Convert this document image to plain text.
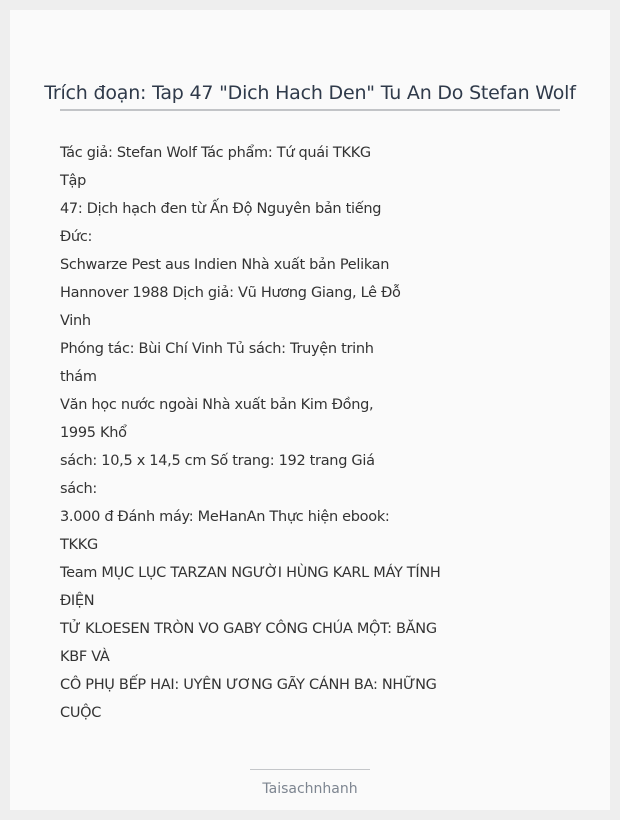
Trích đoạn: Tap 47 "Dich Hach Den" Tu An Do Stefan Wolf
Tác giả: Stefan Wolf Tác phẩm: Tứ quái TKKG
Tập
47: Dịch hạch đen từ Ấn Độ Nguyên bản tiếng
Đức:
Schwarze Pest aus Indien Nhà xuất bản Pelikan
Hannover 1988 Dịch giả: Vũ Hương Giang, Lê Đỗ
Vinh
Phóng tác: Bùi Chí Vinh Tủ sách: Truyện trinh
thám
Văn học nước ngoài Nhà xuất bản Kim Đồng,
1995 Khổ
sách: 10,5 x 14,5 cm Số trang: 192 trang Giá
sách:
3.000 đ Đánh máy: MeHanAn Thực hiện ebook:
TKKG
Team MỤC LỤC TARZAN NGƯỜI HÙNG KARL MÁY TÍNH
ĐIỆN
TỬ KLOESEN TRÒN VO GABY CÔNG CHÚA MỘT: BĂNG
KBF VÀ
CÔ PHỤ BẾP HAI: UYÊN ƯƠNG GÃY CÁNH BA: NHỮNG
CUỘC
Taisachnhanh
